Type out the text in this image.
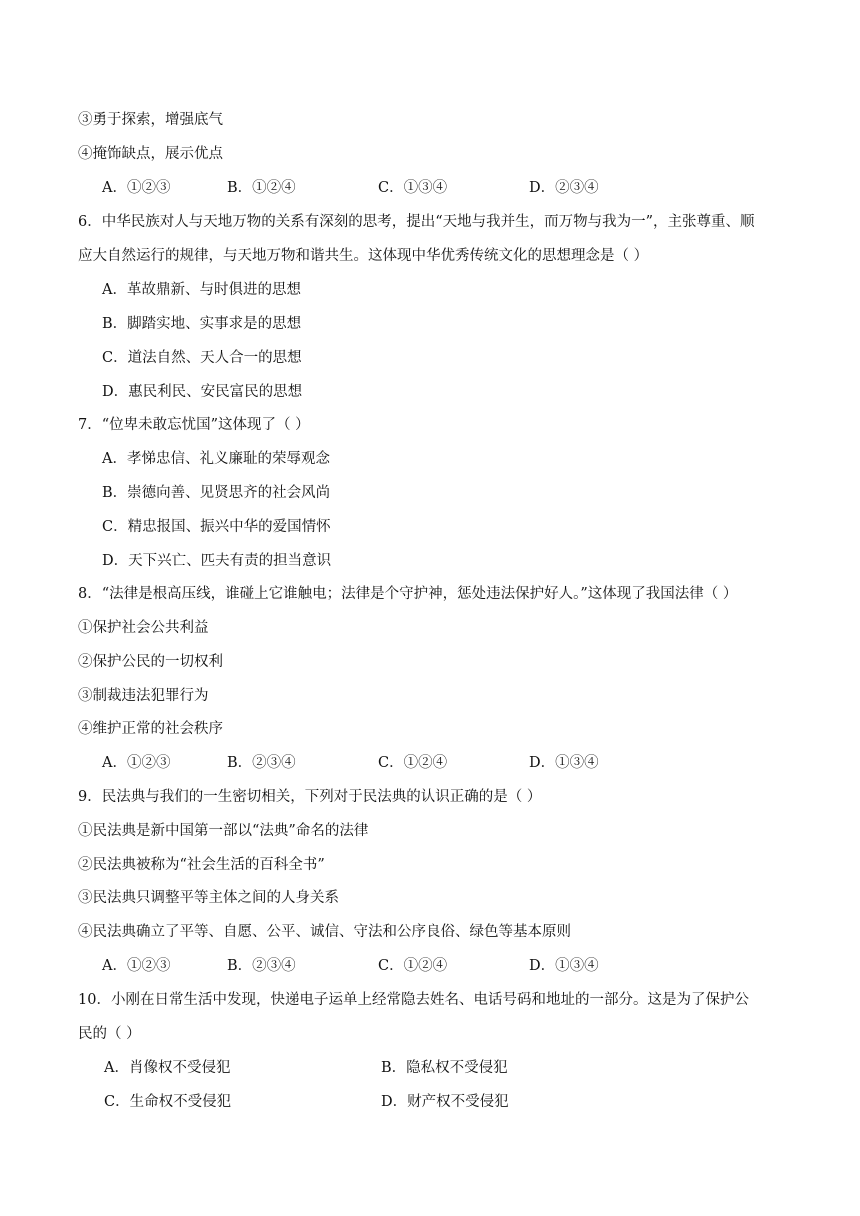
③勇于探索，增强底气
④掩饰缺点，展示优点
A．①②③	B．①②④	C．①③④	D．②③④
6．中华民族对人与天地万物的关系有深刻的思考，提出“天地与我并生，而万物与我为一”，主张尊重、顺
应大自然运行的规律，与天地万物和谐共生。这体现中华优秀传统文化的思想理念是（ ）
A．革故鼎新、与时俱进的思想
B．脚踏实地、实事求是的思想
C．道法自然、天人合一的思想
D．惠民利民、安民富民的思想
7．“位卑未敢忘忧国”这体现了（ ）
A．孝悌忠信、礼义廉耻的荣辱观念
B．崇德向善、见贤思齐的社会风尚
C．精忠报国、振兴中华的爱国情怀
D．天下兴亡、匹夫有责的担当意识
8．“法律是根高压线，谁碰上它谁触电；法律是个守护神，惩处违法保护好人。”这体现了我国法律（ ）
①保护社会公共利益
②保护公民的一切权利
③制裁违法犯罪行为
④维护正常的社会秩序
A．①②③	B．②③④	C．①②④	D．①③④
9．民法典与我们的一生密切相关，下列对于民法典的认识正确的是（ ）
①民法典是新中国第一部以“法典”命名的法律
②民法典被称为“社会生活的百科全书”
③民法典只调整平等主体之间的人身关系
④民法典确立了平等、自愿、公平、诚信、守法和公序良俗、绿色等基本原则
A．①②③	B．②③④	C．①②④	D．①③④
10．小刚在日常生活中发现，快递电子运单上经常隐去姓名、电话号码和地址的一部分。这是为了保护公
民的（ ）
A．肖像权不受侵犯	B．隐私权不受侵犯
C．生命权不受侵犯	D．财产权不受侵犯
